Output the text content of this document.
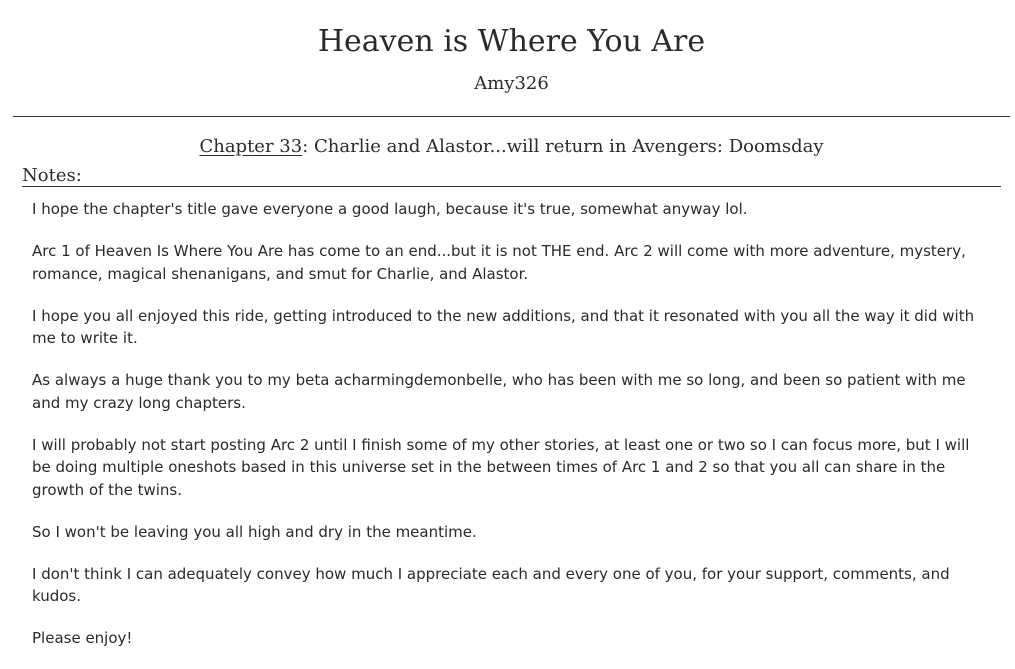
Heaven is Where You Are
Amy326
Chapter 33: Charlie and Alastor...will return in Avengers: Doomsday
Notes:

I hope the chapter's title gave everyone a good laugh, because it's true, somewhat anyway lol.

Arc 1 of Heaven Is Where You Are has come to an end...but it is not THE end. Arc 2 will come with more adventure, mystery, romance, magical shenanigans, and smut for Charlie, and Alastor.

I hope you all enjoyed this ride, getting introduced to the new additions, and that it resonated with you all the way it did with me to write it.

As always a huge thank you to my beta acharmingdemonbelle, who has been with me so long, and been so patient with me and my crazy long chapters.

I will probably not start posting Arc 2 until I finish some of my other stories, at least one or two so I can focus more, but I will be doing multiple oneshots based in this universe set in the between times of Arc 1 and 2 so that you all can share in the growth of the twins.

So I won't be leaving you all high and dry in the meantime.

I don't think I can adequately convey how much I appreciate each and every one of you, for your support, comments, and kudos.

Please enjoy!
